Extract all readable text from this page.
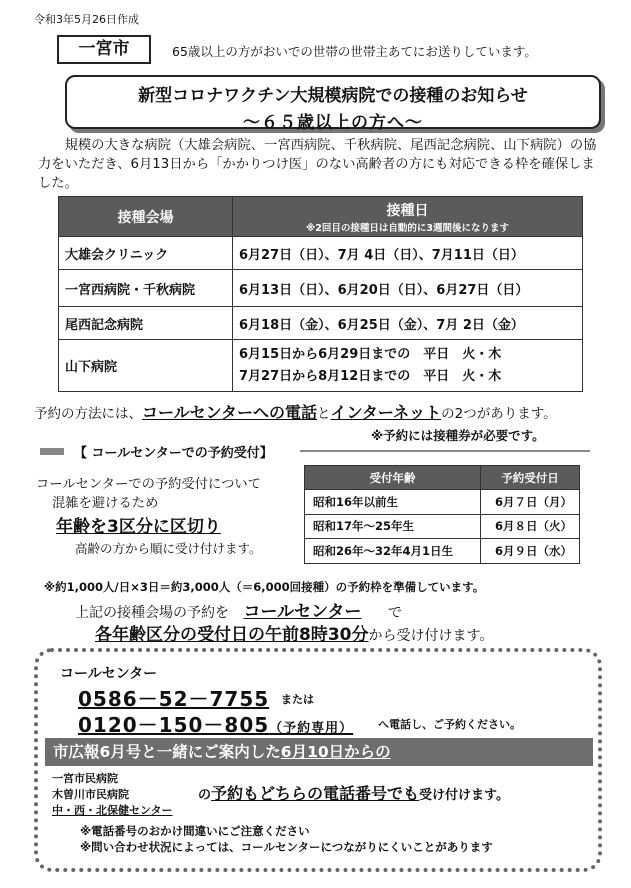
令和3年5月26日作成
一宮市	65歳以上の方がおいでの世帯の世帯主あてにお送りしています。
新型コロナワクチン大規模病院での接種のお知らせ
～６５歳以上の方へ～
規模の大きな病院（大雄会病院、一宮西病院、千秋病院、尾西記念病院、山下病院）の協力をいただき、6月13日から「かかりつけ医」のない高齢者の方にも対応できる枠を確保しました。
接種会場	接種日
※2回目の接種日は自動的に3週間後になります

大雄会クリニック	6月27日（日）、7月 4日（日）、7月11日（日）
一宮西病院・千秋病院	6月13日（日）、6月20日（日）、6月27日（日）
尾西記念病院	6月18日（金）、6月25日（金）、7月 2日（金）
山下病院	6月15日から6月29日までの　平日　火・木
7月27日から8月12日までの　平日　火・木
予約の方法には、コールセンターへの電話とインターネットの2つがあります。
※予約には接種券が必要です。
【 コールセンターでの予約受付】
コールセンターでの予約受付について
混雑を避けるため
年齢を3区分に区切り
高齢の方から順に受け付けます。
受付年齢	予約受付日
昭和16年以前生	6月７日（月）
昭和17年～25年生	6月８日（火）
昭和26年～32年4月1日生	6月９日（水）
※約1,000人/日×3日＝約3,000人（＝6,000回接種）の予約枠を準備しています。
上記の接種会場の予約を コールセンター で
各年齢区分の受付日の午前8時30分から受け付けます。
コールセンター
0586－52－7755 または
0120－150－805（予約専用） へ電話し、ご予約ください。
市広報6月号と一緒にご案内した6月10日からの
一宮市民病院
木曽川市民病院
中・西・北保健センター
の予約もどちらの電話番号でも受け付けます。
※電話番号のおかけ間違いにご注意ください
※問い合わせ状況によっては、コールセンターにつながりにくいことがあります
